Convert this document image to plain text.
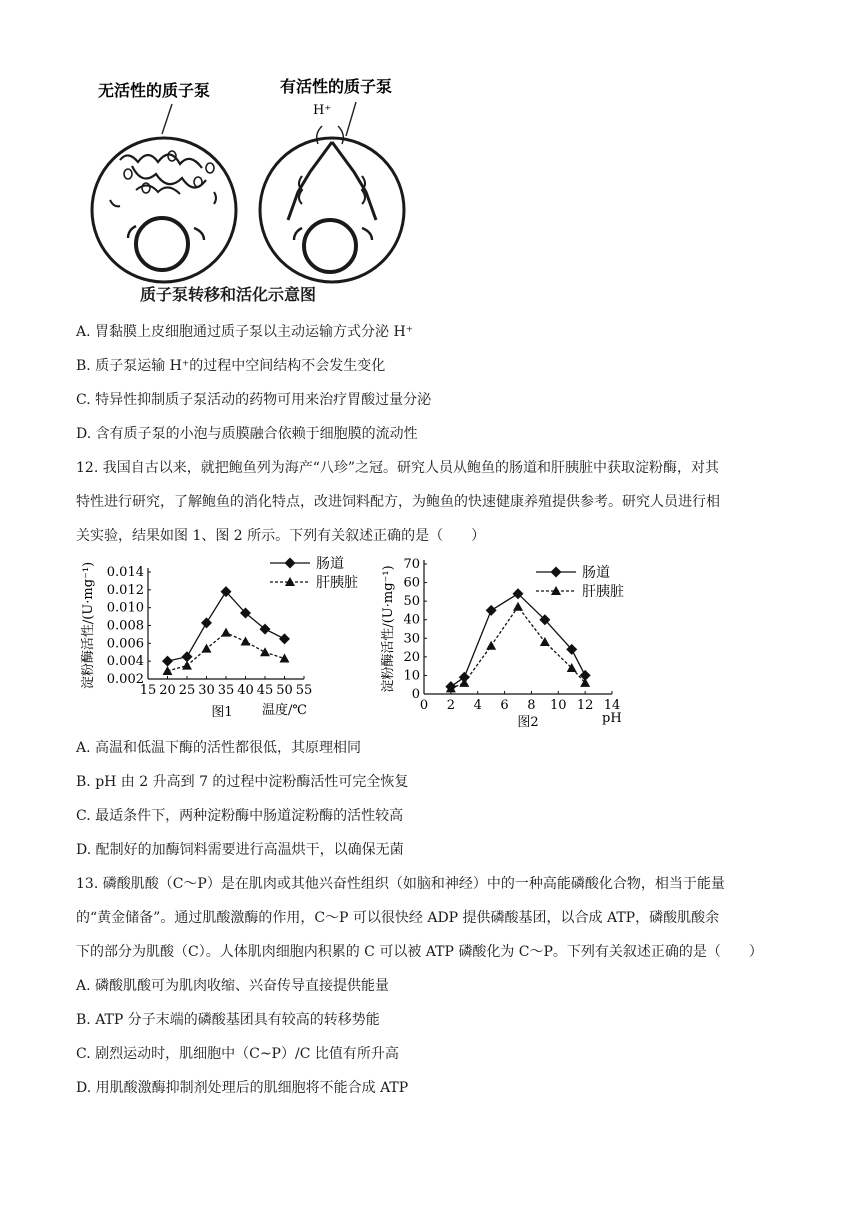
无活性的质子泵	有活性的质子泵
H⁺
质子泵转移和活化示意图
A. 胃黏膜上皮细胞通过质子泵以主动运输方式分泌 H⁺
B. 质子泵运输 H⁺的过程中空间结构不会发生变化
C. 特异性抑制质子泵活动的药物可用来治疗胃酸过量分泌
D. 含有质子泵的小泡与质膜融合依赖于细胞膜的流动性
12. 我国自古以来，就把鲍鱼列为海产“八珍”之冠。研究人员从鲍鱼的肠道和肝胰脏中获取淀粉酶，对其
特性进行研究，了解鲍鱼的消化特点，改进饲料配方，为鲍鱼的快速健康养殖提供参考。研究人员进行相
关实验，结果如图 1、图 2 所示。下列有关叙述正确的是（　　）
15 20 25 30 35 40 45 50 55
0.002
0.004
0.006
0.008
0.010
0.012
0.014
淀粉酶活性/(U·mg⁻¹)
温度/℃
图1
肠道
肝胰脏
0 2 4 6 8 10 12 14
0
10
20
30
40
50
60
70
淀粉酶活性/(U·mg⁻¹)
pH
图2
肠道
肝胰脏
A. 高温和低温下酶的活性都很低，其原理相同
B. pH 由 2 升高到 7 的过程中淀粉酶活性可完全恢复
C. 最适条件下，两种淀粉酶中肠道淀粉酶的活性较高
D. 配制好的加酶饲料需要进行高温烘干，以确保无菌
13. 磷酸肌酸（C～P）是在肌肉或其他兴奋性组织（如脑和神经）中的一种高能磷酸化合物，相当于能量
的“黄金储备”。通过肌酸激酶的作用，C～P 可以很快经 ADP 提供磷酸基团，以合成 ATP，磷酸肌酸余
下的部分为肌酸（C）。人体肌肉细胞内积累的 C 可以被 ATP 磷酸化为 C～P。下列有关叙述正确的是（　　）
A. 磷酸肌酸可为肌肉收缩、兴奋传导直接提供能量
B. ATP 分子末端的磷酸基团具有较高的转移势能
C. 剧烈运动时，肌细胞中（C~P）/C 比值有所升高
D. 用肌酸激酶抑制剂处理后的肌细胞将不能合成 ATP
